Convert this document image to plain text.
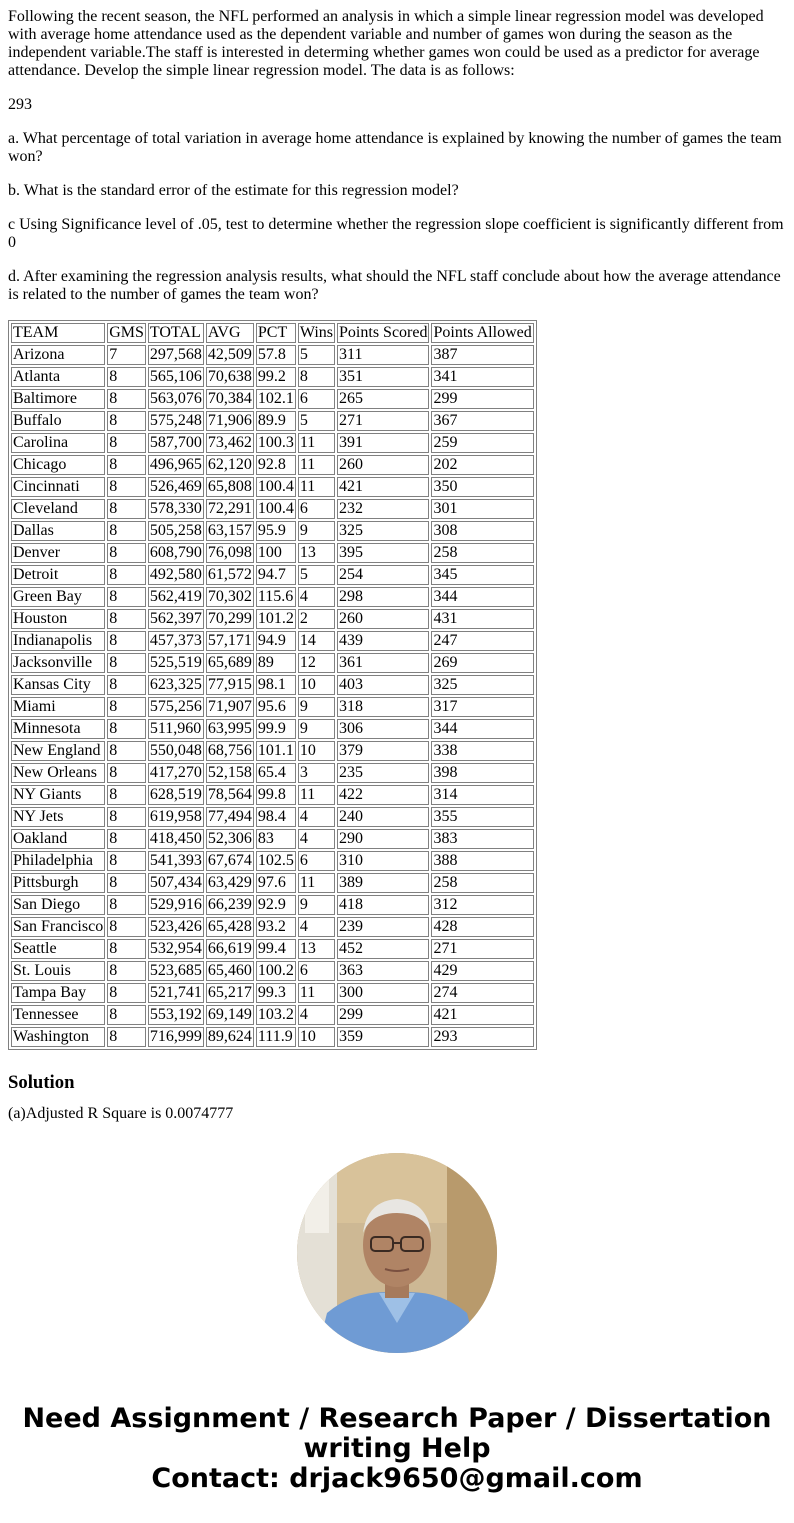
Following the recent season, the NFL performed an analysis in which a simple linear regression model was developed with average home attendance used as the dependent variable and number of games won during the season as the independent variable.The staff is interested in determing whether games won could be used as a predictor for average attendance. Develop the simple linear regression model. The data is as follows:

293

a. What percentage of total variation in average home attendance is explained by knowing the number of games the team won?

b. What is the standard error of the estimate for this regression model?

c Using Significance level of .05, test to determine whether the regression slope coefficient is significantly different from 0

d. After examining the regression analysis results, what should the NFL staff conclude about how the average attendance is related to the number of games the team won?

TEAM	GMS	TOTAL	AVG	PCT	Wins	Points Scored	Points Allowed
Arizona	7	297,568	42,509	57.8	5	311	387
Atlanta	8	565,106	70,638	99.2	8	351	341
Baltimore	8	563,076	70,384	102.1	6	265	299
Buffalo	8	575,248	71,906	89.9	5	271	367
Carolina	8	587,700	73,462	100.3	11	391	259
Chicago	8	496,965	62,120	92.8	11	260	202
Cincinnati	8	526,469	65,808	100.4	11	421	350
Cleveland	8	578,330	72,291	100.4	6	232	301
Dallas	8	505,258	63,157	95.9	9	325	308
Denver	8	608,790	76,098	100	13	395	258
Detroit	8	492,580	61,572	94.7	5	254	345
Green Bay	8	562,419	70,302	115.6	4	298	344
Houston	8	562,397	70,299	101.2	2	260	431
Indianapolis	8	457,373	57,171	94.9	14	439	247
Jacksonville	8	525,519	65,689	89	12	361	269
Kansas City	8	623,325	77,915	98.1	10	403	325
Miami	8	575,256	71,907	95.6	9	318	317
Minnesota	8	511,960	63,995	99.9	9	306	344
New England	8	550,048	68,756	101.1	10	379	338
New Orleans	8	417,270	52,158	65.4	3	235	398
NY Giants	8	628,519	78,564	99.8	11	422	314
NY Jets	8	619,958	77,494	98.4	4	240	355
Oakland	8	418,450	52,306	83	4	290	383
Philadelphia	8	541,393	67,674	102.5	6	310	388
Pittsburgh	8	507,434	63,429	97.6	11	389	258
San Diego	8	529,916	66,239	92.9	9	418	312
San Francisco	8	523,426	65,428	93.2	4	239	428
Seattle	8	532,954	66,619	99.4	13	452	271
St. Louis	8	523,685	65,460	100.2	6	363	429
Tampa Bay	8	521,741	65,217	99.3	11	300	274
Tennessee	8	553,192	69,149	103.2	4	299	421
Washington	8	716,999	89,624	111.9	10	359	293
Solution
(a)Adjusted R Square is 0.0074777
Need Assignment / Research Paper / Dissertation
writing Help
Contact: drjack9650@gmail.com
